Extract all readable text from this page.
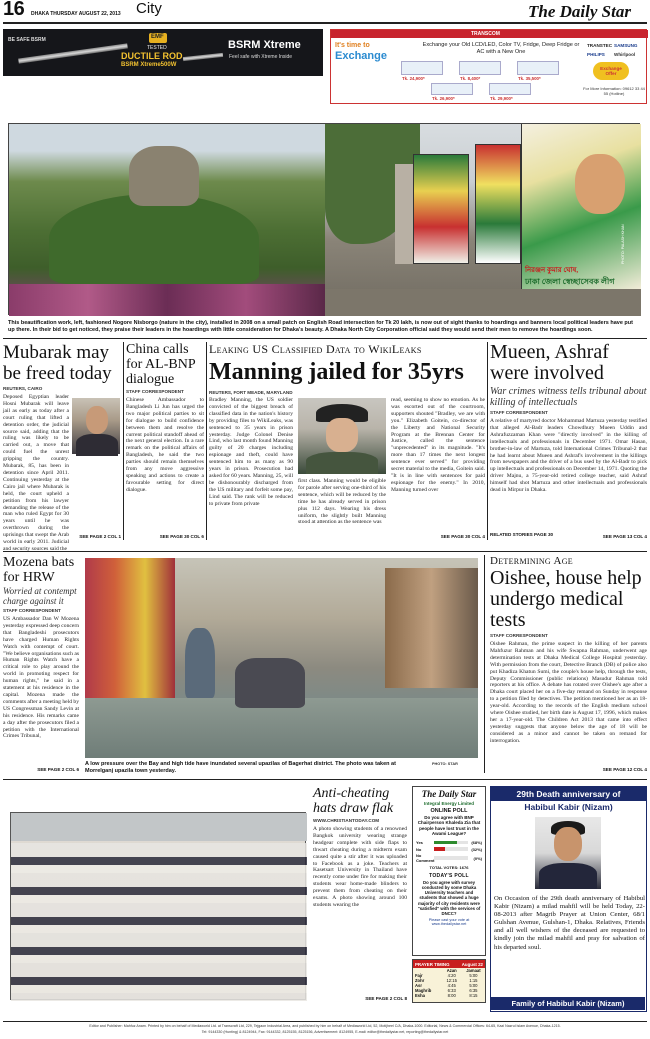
16 DHAKA THURSDAY AUGUST 22, 2013 City	The Daily Star
BE SAFE BSRM	EMF
TESTED
DUCTILE ROD
BSRM Xtreme500W
BSRM Xtreme
Feel safe with Xtreme Inside
TRANSCOM
It's time to
Exchange
Exchange your Old LCD/LED, Color TV, Fridge, Deep Fridge or AC with a New One
Tk. 24,900*	Tk. 8,400*	Tk. 35,500*
Tk. 26,900*	Tk. 29,900*
TRANSTEC SAMSUNG
PHILIPS Whirlpool
Exchange Offer
For More Information: 09612 33 44 55 (Hotline)
নিরঞ্জন কুমার ঘোষ,
ঢাকা জেলা স্বেচ্ছাসেবক লীগ
PHOTO: PALASH KHAN
This beautification work, left, fashioned Nogore Nisborgo (nature in the city), installed in 2008 on a small patch on English Road intersection for Tk 20 lakh, is now out of sight thanks to hoardings and banners local political leaders have put up there. In their bid to get noticed, they praise their leaders in the hoardings with little consideration for Dhaka's beauty. A Dhaka North City Corporation official said they would send their men to remove the hoardings soon.
Mubarak may be freed today
REUTERS, CAIRO
Deposed Egyptian leader Hosni Mubarak will leave jail as early as today after a court ruling that lifted a detention order, the judicial source said, adding that the ruling was likely to be carried out, a move that could fuel the unrest gripping the country. Mubarak, 85, has been in detention since April 2011. Continuing yesterday at the Cairo jail where Mubarak is held, the court upheld a petition from his lawyer demanding the release of the man who ruled Egypt for 30 years until he was overthrown during the uprisings that swept the Arab world in early 2011. Judicial and security sources said the
SEE PAGE 2 COL 1
China calls for AL-BNP dialogue
STAFF CORRESPONDENT
Chinese Ambassador to Bangladesh Li Jun has urged the two major political parties to sit for dialogue to build confidence between them and resolve the current political standoff ahead of the next general election. In a rare remark on the political affairs of Bangladesh, he said the two parties should remain themselves from any move aggressive speaking and actions to create a favourable setting for direct dialogue.
SEE PAGE 30 COL 6
Leaking US Classified Data to WikiLeaks
Manning jailed for 35yrs
REUTERS, FORT MEADE, MARYLAND
Bradley Manning, the US soldier convicted of the biggest breach of classified data in the nation's history by providing files to WikiLeaks, was sentenced to 35 years in prison yesterday. Judge Colonel Denise Lind, who last month found Manning guilty of 20 charges including espionage and theft, could have sentenced him to as many as 90 years in prison. Prosecution had asked for 60 years. Manning, 25, will be dishonourably discharged from the US military and forfeit some pay, Lind said. The rank will be reduced to private from private
first class. Manning would be eligible for parole after serving one-third of his sentence, which will be reduced by the time he has already served in prison plus 112 days. Wearing his dress uniform, the slightly built Manning stood at attention as the sentence was
read, seeming to show no emotion. As he was escorted out of the courtroom, supporters shouted "Bradley, we are with you." Elizabeth Goitein, co-director of the Liberty and National Security Program at the Brennan Center for Justice, called the sentence "unprecedented" in its magnitude. "It's more than 17 times the next longest sentence ever served" for providing secret material to the media, Goitein said. "It is in line with sentences for paid espionage for the enemy." In 2010, Manning turned over
SEE PAGE 30 COL 4
Mueen, Ashraf were involved
War crimes witness tells tribunal about killing of intellectuals
STAFF CORRESPONDENT
A relative of martyred doctor Mohammad Martuza yesterday testified that alleged Al-Badr leaders Chowdhury Mueen Uddin and Ashrafuzzaman Khan were "directly involved" in the killing of intellectuals and professionals in December 1971. Omar Hasan, brother-in-law of Martuza, told International Crimes Tribunal-2 that he had learnt about Mueen and Ashraf's involvement in the killings from newspapers and the driver of a bus used by the Al-Badr to pick up intellectuals and professionals on December 14, 1971. Quoting the driver Majnu, a 75-year-old retired college teacher, said Ashraf himself had shot Martuza and other intellectuals and professionals dead in Mirpur in Dhaka.
RELATED STORIES PAGE 30	SEE PAGE 13 COL 4
Mozena bats for HRW
Worried at contempt charge against it
STAFF CORRESPONDENT
US Ambassador Dan W Mozena yesterday expressed deep concern that Bangladeshi prosecutors have charged Human Rights Watch with contempt of court. "We believe organisations such as Human Rights Watch have a critical role to play around the world in promoting respect for human rights," he said in a statement at his residence in the capital. Mozena made the comments after a meeting held by US Congressman Sandy Levin at his residence. His remarks came a day after the prosecutors filed a petition with the International Crimes Tribunal,
SEE PAGE 2 COL 6
A low pressure over the Bay and high tide have inundated several upazilas of Bagerhat district. The photo was taken at Morrelganj upazila town yesterday.
PHOTO: STAR
Determining Age
Oishee, house help undergo medical tests
STAFF CORRESPONDENT
Oishee Rahman, the prime suspect in the killing of her parents Mahfuzur Rahman and his wife Swapna Rahman, underwent age determination tests at Dhaka Medical College Hospital yesterday. With permission from the court, Detective Branch (DB) of police also put Khadiza Khatun Sumi, the couple's house help, through the tests, Deputy Commissioner (public relations) Masudur Rahman told reporters at his office. A debate has rotated over Oishee's age after a Dhaka court placed her on a five-day remand on Sunday in response to a petition filed by detectives. The petition mentioned her as an 18-year-old. According to the records of the English medium school where Oishee studied, her birth date is August 17, 1996, which makes her a 17-year-old. The Children Act 2013 that came into effect yesterday suggests that anyone below the age of 18 will be considered as a minor and cannot be taken on remand for interrogation.
SEE PAGE 12 COL 4
Anti-cheating hats draw flak
WWW.CHRISTIANTODAY.COM
A photo showing students of a renowned Bangkok university wearing strange headgear complete with side flaps to thwart cheating during a midterm exam caused quite a stir after it was uploaded to Facebook as a joke. Teachers at Kasetsart University in Thailand have recently come under fire for making their students wear home-made blinders to prevent them from cheating on their exams. A photo showing around 100 students wearing the
SEE PAGE 2 COL 8
The Daily Star
Integral Energy Limited
ONLINE POLL
Do you agree with BNP Chairperson Khaleda Zia that people have lost trust in the Awami League?
Yes	(68%)
No	(32%)
No Comment	(0%)
TOTAL VOTES: 1676
TODAY'S POLL
Do you agree with survey conducted by some Dhaka University teachers and students that showed a huge majority of city residents were "satisfied" with the services of DNCC?
Please cast your vote at www.thedailystar.net
PRAYER TIMING	August 22
	Azan	Jamaat
Fajr	4:20	5:00
Zohr	12:15	1:15
Asr	4:45	5:00
Maghrib	6:33	6:35
Esha	8:00	8:15
29th Death anniversary of
Habibul Kabir (Nizam)
On Occasion of the 29th death anniversary of Habibul Kabir (Nizam) a milad mahfil will be held Today, 22-08-2013 after Magrib Prayer at Union Center, 68/1 Gulshan Avenue, Gulshan-1, Dhaka. Relatives, Friends and all well wishers of the deceased are requested to kindly join the milad mahfil and pray for salvation of his departed soul.
Family of Habibul Kabir (Nizam)
Editor and Publisher: Mahfuz Anam. Printed by him on behalf of Mediaworld Ltd. at Transcraft Ltd, 229, Tejgaon Industrial Area, and published by him on behalf of Mediaworld Ltd, 52, Motijheel C/A, Dhaka-1000. Editorial, News & Commercial Offices: 64-65, Kazi Nazrul Islam Avenue, Dhaka-1215.
Tel: 9144330 (Hunting) & 8124944, Fax: 9144332, 8125155, 8125156, Advertisement: 8124955, E-mail: editor@thedailystar.net, reporting@thedailystar.net
